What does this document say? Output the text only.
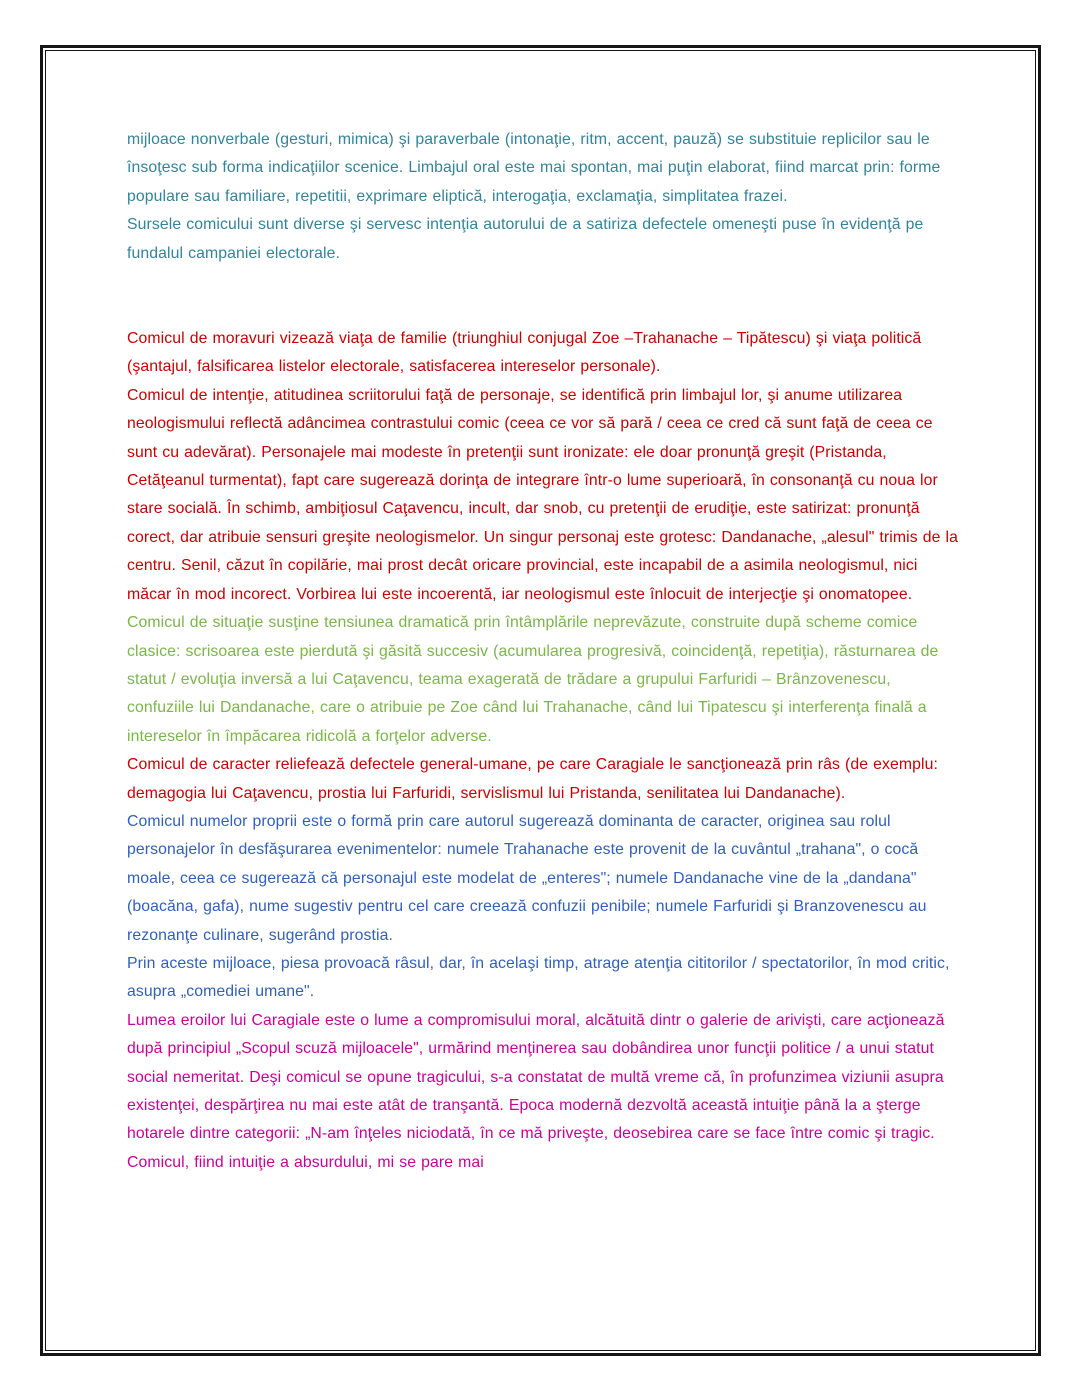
mijloace nonverbale (gesturi, mimica) şi paraverbale (intonaţie, ritm, accent, pauză) se substituie replicilor sau le însoţesc sub forma indicaţiilor scenice. Limbajul oral este mai spontan, mai puţin elaborat, fiind marcat prin: forme populare sau familiare, repetitii, exprimare eliptică, interogaţia, exclamaţia, simplitatea frazei.

Sursele comicului sunt diverse şi servesc intenţia autorului de a satiriza defectele omeneşti puse în evidenţă pe fundalul campaniei electorale.

Comicul de moravuri vizează viaţa de familie (triunghiul conjugal Zoe –Trahanache – Tipătescu) şi viaţa politică (şantajul, falsificarea listelor electorale, satisfacerea intereselor personale).

Comicul de intenţie, atitudinea scriitorului faţă de personaje, se identifică prin limbajul lor, şi anume utilizarea neologismului reflectă adâncimea contrastului comic (ceea ce vor să pară / ceea ce cred că sunt faţă de ceea ce sunt cu adevărat). Personajele mai modeste în pretenţii sunt ironizate: ele doar pronunţă greşit (Pristanda, Cetăţeanul turmentat), fapt care sugerează dorinţa de integrare într-o lume superioară, în consonanţă cu noua lor stare socială. În schimb, ambiţiosul Caţavencu, incult, dar snob, cu pretenţii de erudiţie, este satirizat: pronunţă corect, dar atribuie sensuri greşite neologismelor. Un singur personaj este grotesc: Dandanache, „alesul" trimis de la centru. Senil, căzut în copilărie, mai prost decât oricare provincial, este incapabil de a asimila neologismul, nici măcar în mod incorect. Vorbirea lui este incoerentă, iar neologismul este înlocuit de interjecţie şi onomatopee.

Comicul de situaţie susţine tensiunea dramatică prin întâmplările neprevăzute, construite după scheme comice clasice: scrisoarea este pierdută şi găsită succesiv (acumularea progresivă, coincidenţă, repetiţia), răsturnarea de statut / evoluţia inversă a lui Caţavencu, teama exagerată de trădare a grupului Farfuridi – Brânzovenescu, confuziile lui Dandanache, care o atribuie pe Zoe când lui Trahanache, când lui Tipatescu şi interferenţa finală a intereselor în împăcarea ridicolă a forţelor adverse.

Comicul de caracter reliefează defectele general-umane, pe care Caragiale le sancţionează prin râs (de exemplu: demagogia lui Caţavencu, prostia lui Farfuridi, servislismul lui Pristanda, senilitatea lui Dandanache).

Comicul numelor proprii este o formă prin care autorul sugerează dominanta de caracter, originea sau rolul personajelor în desfăşurarea evenimentelor: numele Trahanache este provenit de la cuvântul „trahana", o cocă moale, ceea ce sugerează că personajul este modelat de „enteres"; numele Dandanache vine de la „dandana" (boacăna, gafa), nume sugestiv pentru cel care creează confuzii penibile; numele Farfuridi şi Branzovenescu au rezonanţe culinare, sugerând prostia.

Prin aceste mijloace, piesa provoacă râsul, dar, în acelaşi timp, atrage atenţia cititorilor / spectatorilor, în mod critic, asupra „comediei umane".

Lumea eroilor lui Caragiale este o lume a compromisului moral, alcătuită dintr o galerie de arivişti, care acţionează după principiul „Scopul scuză mijloacele", urmărind menţinerea sau dobândirea unor funcţii politice / a unui statut social nemeritat. Deşi comicul se opune tragicului, s-a constatat de multă vreme că, în profunzimea viziunii asupra existenţei, despărţirea nu mai este atât de tranşantă. Epoca modernă dezvoltă această intuiţie până la a şterge hotarele dintre categorii: „N-am înţeles niciodată, în ce mă priveşte, deosebirea care se face între comic şi tragic. Comicul, fiind intuiţie a absurdului, mi se pare mai
